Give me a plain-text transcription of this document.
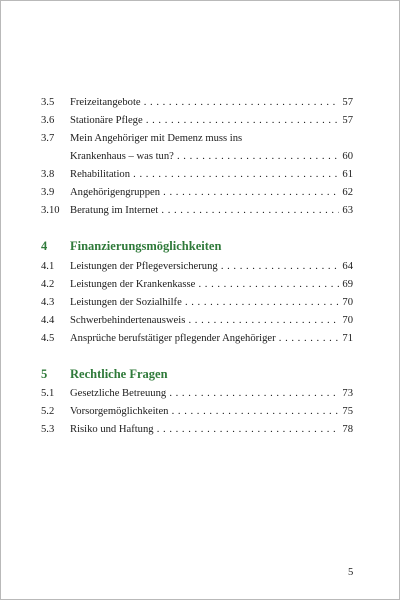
3.5 Freizeitangebote . . .	57
3.6 Stationäre Pflege . . .	57
3.7 Mein Angehöriger mit Demenz muss ins
Krankenhaus – was tun? . . .	60
3.8 Rehabilitation . . .	61
3.9 Angehörigengruppen . . .	62
3.10 Beratung im Internet . . .	63
4 Finanzierungsmöglichkeiten
4.1 Leistungen der Pflegeversicherung . . .	64
4.2 Leistungen der Krankenkasse . . .	69
4.3 Leistungen der Sozialhilfe . . .	70
4.4 Schwerbehindertenausweis . . .	70
4.5 Ansprüche berufstätiger pflegender Angehöriger . . .	71
5 Rechtliche Fragen
5.1 Gesetzliche Betreuung . . .	73
5.2 Vorsorgemöglichkeiten . . .	75
5.3 Risiko und Haftung . . .	78
5
